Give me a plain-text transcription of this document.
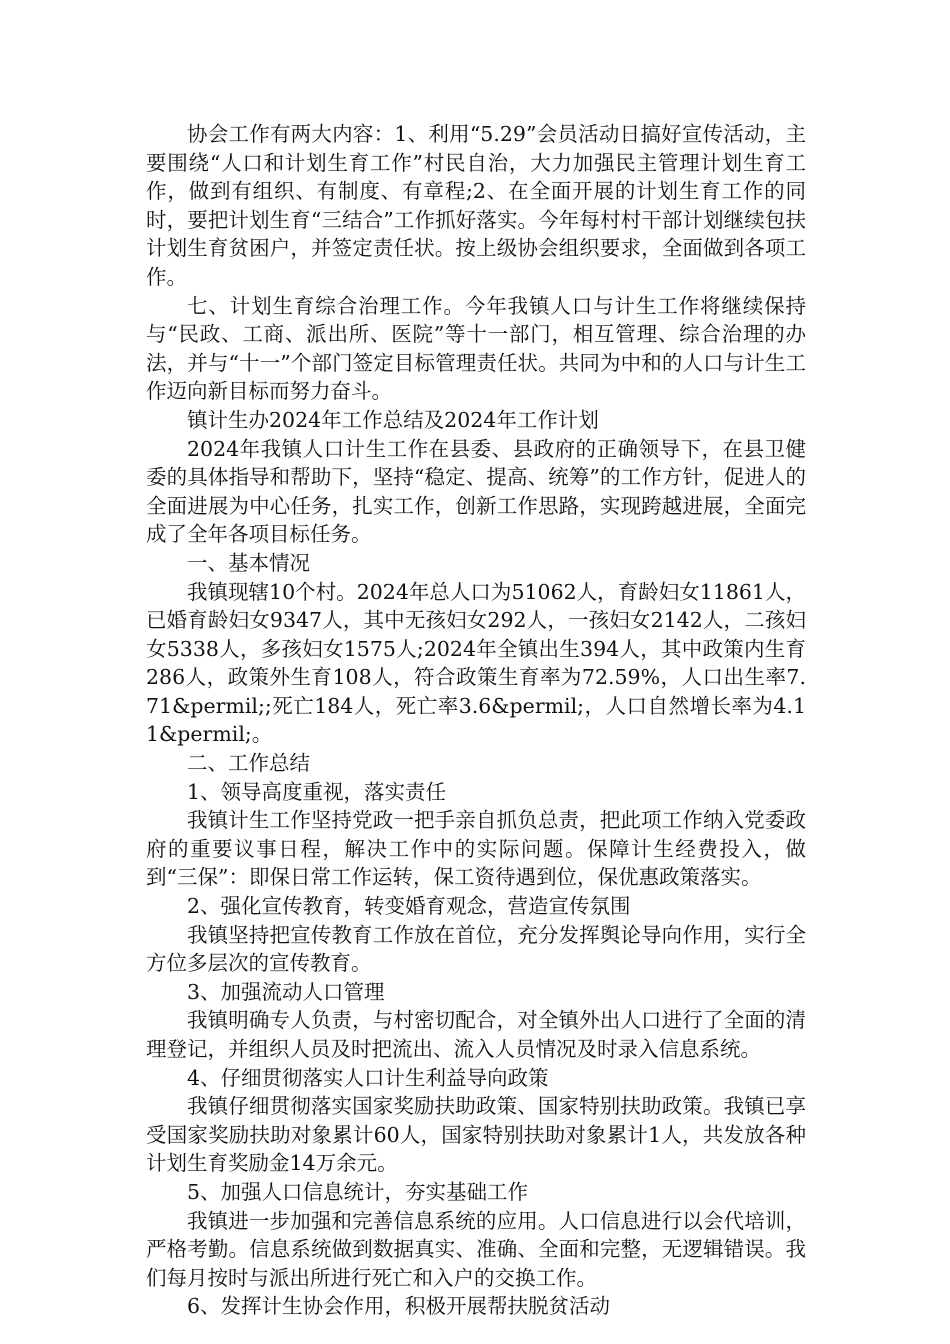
协会工作有两大内容：1、利用“5.29”会员活动日搞好宣传活动，主要围绕“人口和计划生育工作”村民自治，大力加强民主管理计划生育工作，做到有组织、有制度、有章程;2、在全面开展的计划生育工作的同时，要把计划生育“三结合”工作抓好落实。今年每村村干部计划继续包扶计划生育贫困户，并签定责任状。按上级协会组织要求，全面做到各项工作。

七、计划生育综合治理工作。今年我镇人口与计生工作将继续保持与“民政、工商、派出所、医院”等十一部门，相互管理、综合治理的办法，并与“十一”个部门签定目标管理责任状。共同为中和的人口与计生工作迈向新目标而努力奋斗。

镇计生办2024年工作总结及2024年工作计划

2024年我镇人口计生工作在县委、县政府的正确领导下，在县卫健委的具体指导和帮助下，坚持“稳定、提高、统筹”的工作方针，促进人的全面进展为中心任务，扎实工作，创新工作思路，实现跨越进展，全面完成了全年各项目标任务。

一、基本情况

我镇现辖10个村。2024年总人口为51062人，育龄妇女11861人，已婚育龄妇女9347人，其中无孩妇女292人，一孩妇女2142人，二孩妇女5338人，多孩妇女1575人;2024年全镇出生394人，其中政策内生育286人，政策外生育108人，符合政策生育率为72.59%，人口出生率7.71&permil;;死亡184人，死亡率3.6&permil;，人口自然增长率为4.11&permil;。

二、工作总结

1、领导高度重视，落实责任

我镇计生工作坚持党政一把手亲自抓负总责，把此项工作纳入党委政府的重要议事日程，解决工作中的实际问题。保障计生经费投入，做到“三保”：即保日常工作运转，保工资待遇到位，保优惠政策落实。

2、强化宣传教育，转变婚育观念，营造宣传氛围

我镇坚持把宣传教育工作放在首位，充分发挥舆论导向作用，实行全方位多层次的宣传教育。

3、加强流动人口管理

我镇明确专人负责，与村密切配合，对全镇外出人口进行了全面的清理登记，并组织人员及时把流出、流入人员情况及时录入信息系统。

4、仔细贯彻落实人口计生利益导向政策

我镇仔细贯彻落实国家奖励扶助政策、国家特别扶助政策。我镇已享受国家奖励扶助对象累计60人，国家特别扶助对象累计1人，共发放各种计划生育奖励金14万余元。

5、加强人口信息统计，夯实基础工作

我镇进一步加强和完善信息系统的应用。人口信息进行以会代培训，严格考勤。信息系统做到数据真实、准确、全面和完整，无逻辑错误。我们每月按时与派出所进行死亡和入户的交换工作。

6、发挥计生协会作用，积极开展帮扶脱贫活动
